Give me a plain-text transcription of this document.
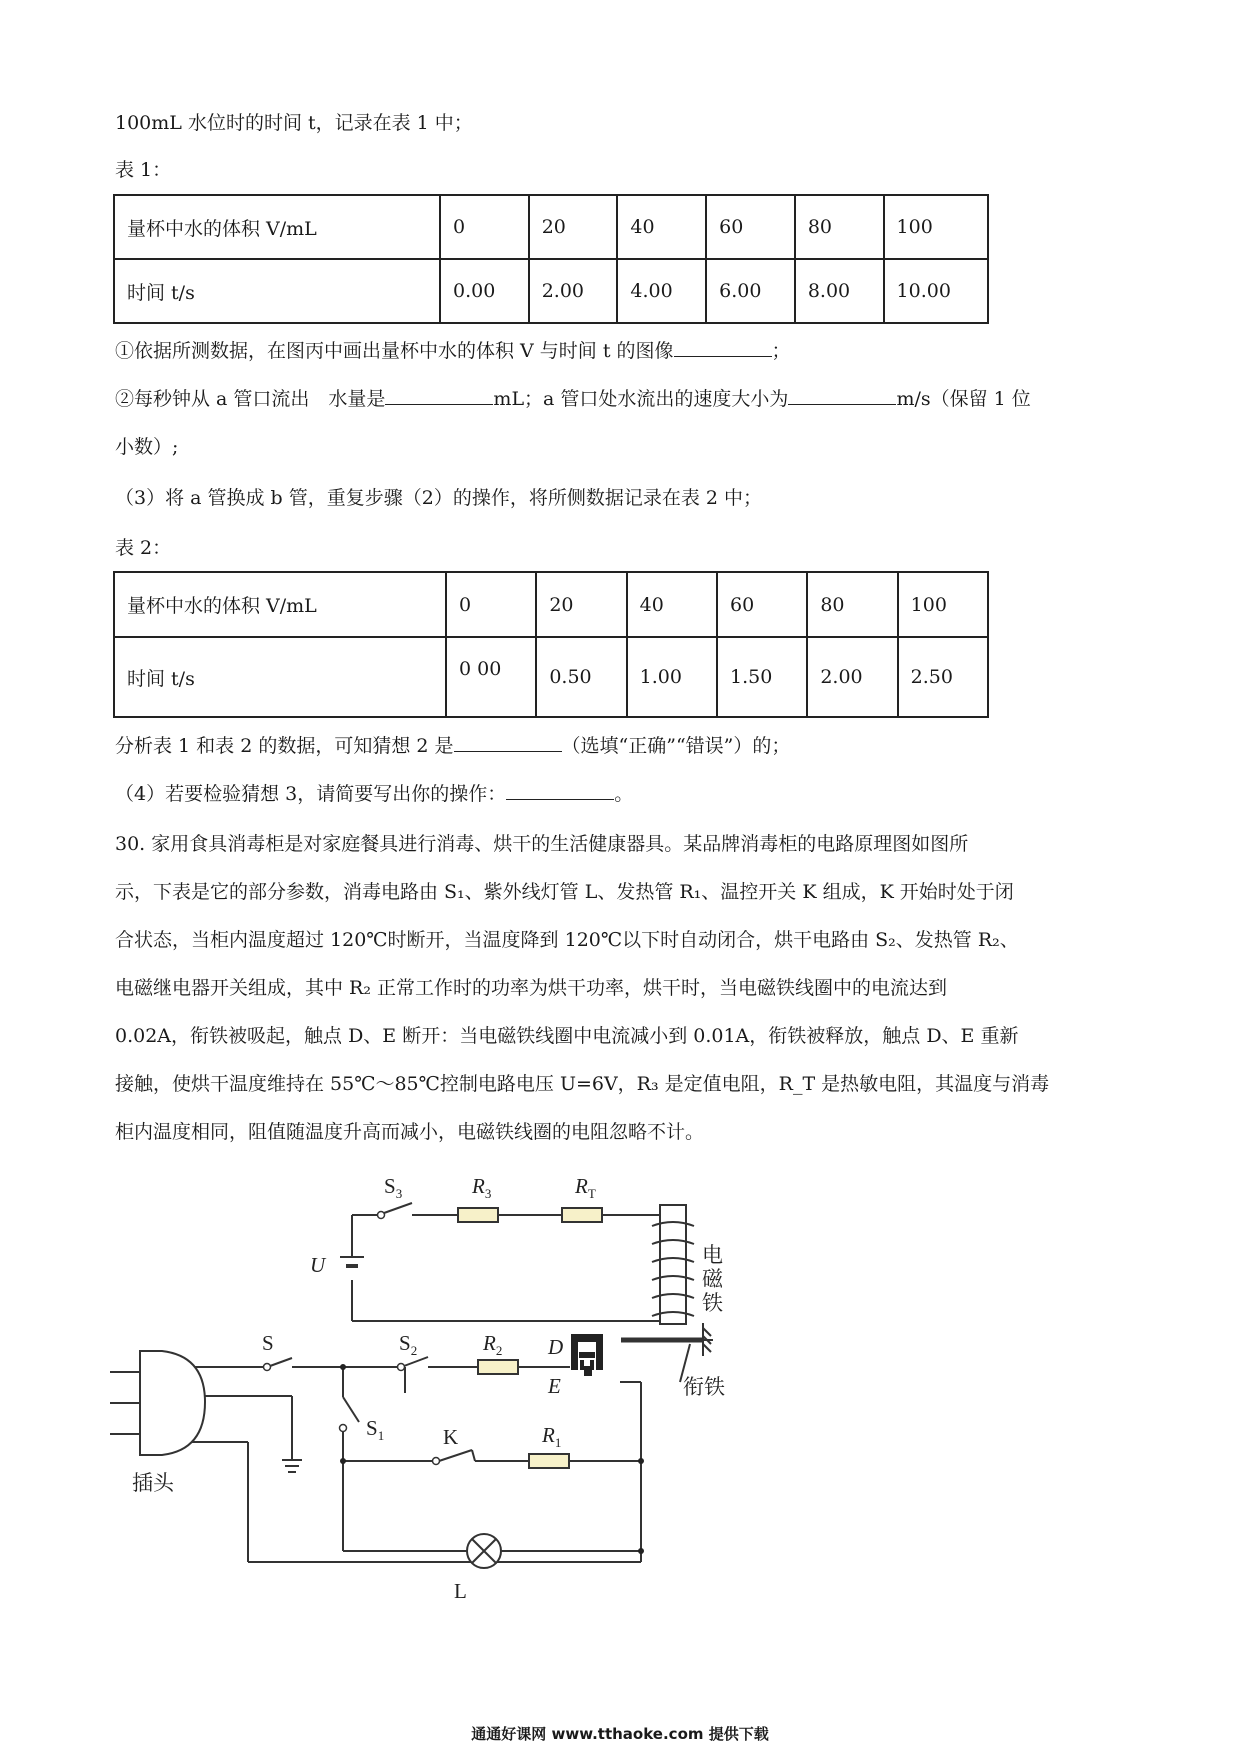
100mL 水位时的时间 t，记录在表 1 中；
表 1：
量杯中水的体积 V/mL	0	20	40	60	80	100
时间 t/s	0.00	2.00	4.00	6.00	8.00	10.00
①依据所测数据，在图丙中画出量杯中水的体积 V 与时间 t 的图像	；
②每秒钟从 a 管口流出　水量是	mL；a 管口处水流出的速度大小为	m/s（保留 1 位
小数）;
（3）将 a 管换成 b 管，重复步骤（2）的操作，将所侧数据记录在表 2 中；
表 2：
量杯中水的体积 V/mL	0	20	40	60	80	100
时间 t/s	0 00	0.50	1.00	1.50	2.00	2.50
分析表 1 和表 2 的数据，可知猜想 2 是	（选填“正确”“错误”）的；
（4）若要检验猜想 3，请简要写出你的操作：	。
30. 家用食具消毒柜是对家庭餐具进行消毒、烘干的生活健康器具。某品牌消毒柜的电路原理图如图所
示，下表是它的部分参数，消毒电路由 S₁、紫外线灯管 L、发热管 R₁、温控开关 K 组成，K 开始时处于闭
合状态，当柜内温度超过 120℃时断开，当温度降到 120℃以下时自动闭合，烘干电路由 S₂、发热管 R₂、
电磁继电器开关组成，其中 R₂ 正常工作时的功率为烘干功率，烘干时，当电磁铁线圈中的电流达到
0.02A，衔铁被吸起，触点 D、E 断开：当电磁铁线圈中电流减小到 0.01A，衔铁被释放，触点 D、E 重新
接触，使烘干温度维持在 55℃～85℃控制电路电压 U=6V，R₃ 是定值电阻，R_T 是热敏电阻，其温度与消毒
柜内温度相同，阻值随温度升高而减小，电磁铁线圈的电阻忽略不计。
$S_3$	$R_3$	$R_T$
U	电
磁
铁
S	$S_2$	$R_2$ D
E	衔铁
$S_1$	K	$R_1$
L
插头
通通好课网 www.tthaoke.com 提供下载
